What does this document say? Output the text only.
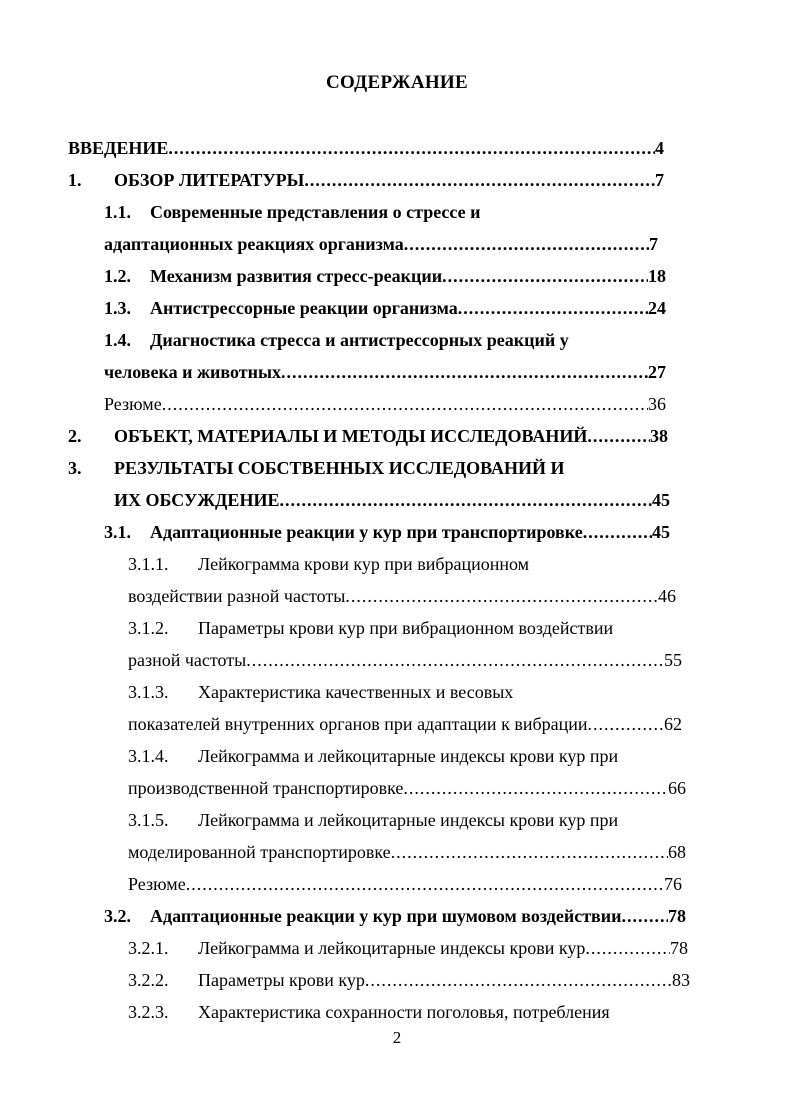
СОДЕРЖАНИЕ
ВВЕДЕНИЕ .....	4
1.	ОБЗОР ЛИТЕРАТУРЫ .....	7
1.1. Современные представления о стрессе и
адаптационных реакциях организма .....	7
1.2.	Механизм развития стресс-реакции .....	18
1.3.	Антистрессорные реакции организма .....	24
1.4. Диагностика стресса и антистрессорных реакций у
человека и животных .....	27
Резюме .....	36
2.	ОБЪЕКТ, МАТЕРИАЛЫ И МЕТОДЫ ИССЛЕДОВАНИЙ .....	38
3. РЕЗУЛЬТАТЫ СОБСТВЕННЫХ ИССЛЕДОВАНИЙ И
ИХ ОБСУЖДЕНИЕ .....	45
3.1.	Адаптационные реакции у кур при транспортировке .....	45
3.1.1. Лейкограмма крови кур при вибрационном
воздействии разной частоты .....	46
3.1.2. Параметры крови кур при вибрационном воздействии
разной частоты .....	55
3.1.3. Характеристика качественных и весовых
показателей внутренних органов при адаптации к вибрации .....	62
3.1.4. Лейкограмма и лейкоцитарные индексы крови кур при
производственной транспортировке .....	66
3.1.5. Лейкограмма и лейкоцитарные индексы крови кур при
моделированной транспортировке .....	68
Резюме .....	76
3.2.	Адаптационные реакции у кур при шумовом воздействии .....	78
3.2.1.	Лейкограмма и лейкоцитарные индексы крови кур .....	78
3.2.2.	Параметры крови кур .....	83
3.2.3. Характеристика сохранности поголовья, потребления
2
